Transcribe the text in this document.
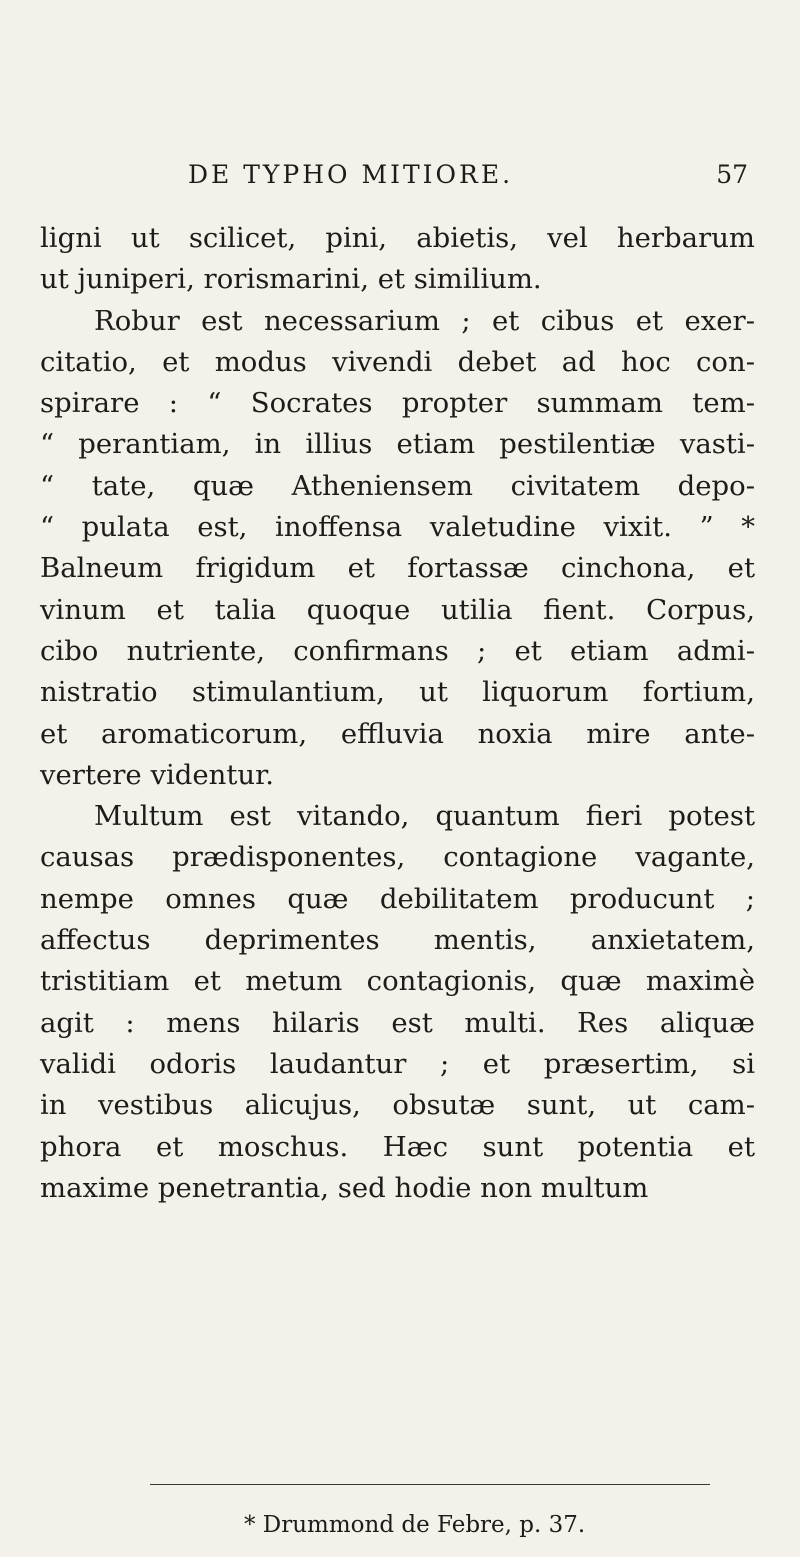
DE TYPHO MITIORE.	57
ligni ut scilicet, pini, abietis, vel herbarum
ut juniperi, rorismarini, et similium.
Robur est necessarium ; et cibus et exer-
citatio, et modus vivendi debet ad hoc con-
spirare : “ Socrates propter summam tem-
“ perantiam, in illius etiam pestilentiæ vasti-
“ tate, quæ Atheniensem civitatem depo-
“ pulata est, inoffensa valetudine vixit. ” *
Balneum frigidum et fortassæ cinchona, et
vinum et talia quoque utilia fient. Corpus,
cibo nutriente, confirmans ; et etiam admi-
nistratio stimulantium, ut liquorum fortium,
et aromaticorum, effluvia noxia mire ante-
vertere videntur.
Multum est vitando, quantum fieri potest
causas prædisponentes, contagione vagante,
nempe omnes quæ debilitatem producunt ;
affectus deprimentes mentis, anxietatem,
tristitiam et metum contagionis, quæ maximè
agit : mens hilaris est multi. Res aliquæ
validi odoris laudantur ; et præsertim, si
in vestibus alicujus, obsutæ sunt, ut cam-
phora et moschus. Hæc sunt potentia et
maxime penetrantia, sed hodie non multum
* Drummond de Febre, p. 37.
